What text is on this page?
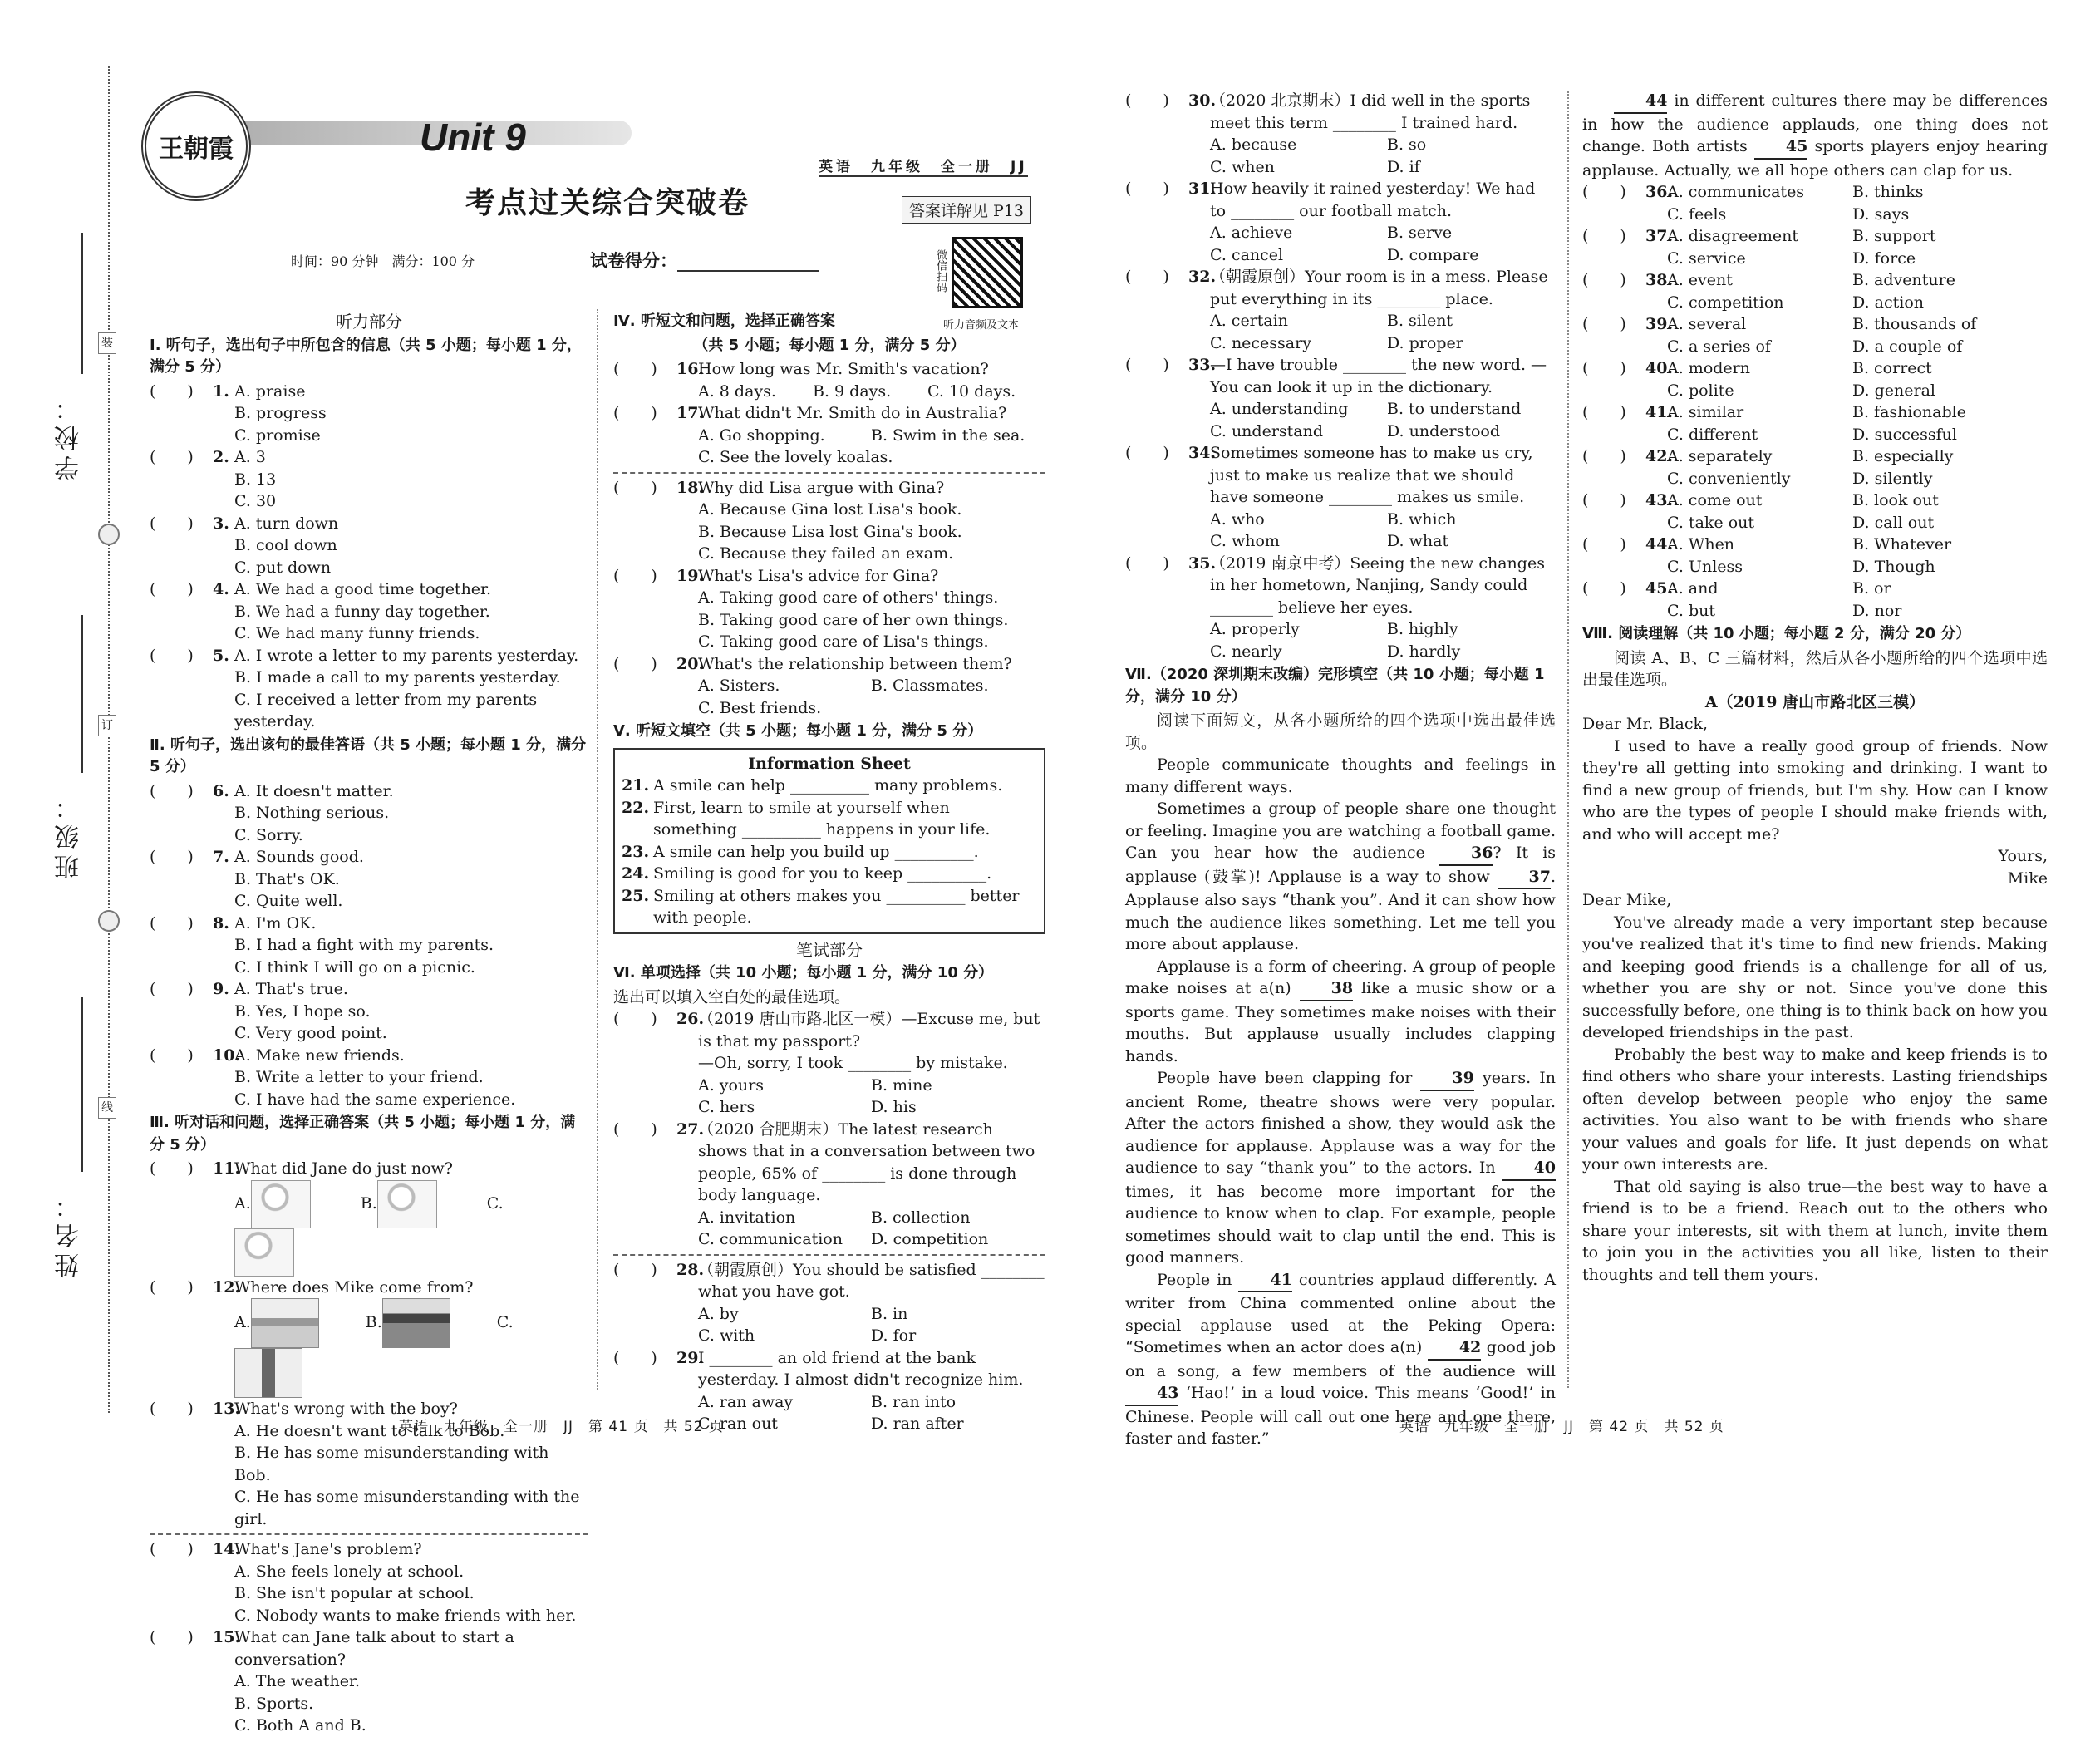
学校：
班级：
姓名：
装
订
线
王朝霞	Unit 9
英语　九年级　全一册　JJ
考点过关综合突破卷	答案详解见 P13
时间：90 分钟　满分：100 分	试卷得分：	微信扫码
听力音频及文本
听力部分
Ⅰ. 听句子，选出句子中所包含的信息（共 5 小题；每小题 1 分，满分 5 分）
(　　) 1. A. praise
B. progress
C. promise
(　　) 2. A. 3
B. 13
C. 30
(　　) 3. A. turn down
B. cool down
C. put down
(　　) 4. A. We had a good time together.
B. We had a funny day together.
C. We had many funny friends.
(　　) 5. A. I wrote a letter to my parents yesterday.
B. I made a call to my parents yesterday.
C. I received a letter from my parents yesterday.
Ⅱ. 听句子，选出该句的最佳答语（共 5 小题；每小题 1 分，满分 5 分）
(　　) 6. A. It doesn't matter.
B. Nothing serious.
C. Sorry.
(　　) 7. A. Sounds good.
B. That's OK.
C. Quite well.
(　　) 8. A. I'm OK.
B. I had a fight with my parents.
C. I think I will go on a picnic.
(　　) 9. A. That's true.
B. Yes, I hope so.
C. Very good point.
(　　) 10.
A. Make new friends.
B. Write a letter to your friend.
C. I have had the same experience.
Ⅲ. 听对话和问题，选择正确答案（共 5 小题；每小题 1 分，满分 5 分）
(　　) 11.
What did Jane do just now?
A.	B.	C.
(　　) 12.
Where does Mike come from?
A.	B.	C.
(　　) 13.
What's wrong with the boy?
A. He doesn't want to talk to Bob.
B. He has some misunderstanding with Bob.
C. He has some misunderstanding with the girl.
(　　) 14.
What's Jane's problem?
A. She feels lonely at school.
B. She isn't popular at school.
C. Nobody wants to make friends with her.
(　　) 15.
What can Jane talk about to start a conversation?
A. The weather.
B. Sports.
C. Both A and B.
Ⅳ. 听短文和问题，选择正确答案
（共 5 小题；每小题 1 分，满分 5 分）
(　　) 16.
How long was Mr. Smith's vacation?
A. 8 days.	B. 9 days.	C. 10 days.
(　　) 17.
What didn't Mr. Smith do in Australia?
A. Go shopping.	B. Swim in the sea.
C. See the lovely koalas.
(　　) 18.
Why did Lisa argue with Gina?
A. Because Gina lost Lisa's book.
B. Because Lisa lost Gina's book.
C. Because they failed an exam.
(　　) 19.
What's Lisa's advice for Gina?
A. Taking good care of others' things.
B. Taking good care of her own things.
C. Taking good care of Lisa's things.
(　　) 20.
What's the relationship between them?
A. Sisters.	B. Classmates.
C. Best friends.
Ⅴ. 听短文填空（共 5 小题；每小题 1 分，满分 5 分）
Information Sheet
21. A smile can help __________ many problems.
22. First, learn to smile at yourself when something __________ happens in your life.
23. A smile can help you build up __________.
24. Smiling is good for you to keep __________.
25. Smiling at others makes you __________ better with people.
笔试部分
Ⅵ. 单项选择（共 10 小题；每小题 1 分，满分 10 分）
选出可以填入空白处的最佳选项。
(　　) 26.
（2019 唐山市路北区一模）—Excuse me, but is that my passport?
—Oh, sorry, I took ________ by mistake.
A. yours	B. mine
C. hers	D. his
(　　) 27.
（2020 合肥期末）The latest research shows that in a conversation between two people, 65% of ________ is done through body language.
A. invitation	B. collection
C. communication	D. competition
(　　) 28.
（朝霞原创）You should be satisfied ________ what you have got.
A. by	B. in
C. with	D. for
(　　) 29.
I ________ an old friend at the bank yesterday. I almost didn't recognize him.
A. ran away	B. ran into
C. ran out	D. ran after
英语　九年级　全一册　JJ　第 41 页　共 52 页
(　　) 30.
（2020 北京期末）I did well in the sports meet this term ________ I trained hard.
A. because	B. so
C. when	D. if
(　　) 31.
How heavily it rained yesterday! We had to ________ our football match.
A. achieve	B. serve
C. cancel	D. compare
(　　) 32.
（朝霞原创）Your room is in a mess. Please put everything in its ________ place.
A. certain	B. silent
C. necessary	D. proper
(　　) 33.
—I have trouble ________ the new word. —You can look it up in the dictionary.
A. understanding	B. to understand
C. understand	D. understood
(　　) 34.
Sometimes someone has to make us cry, just to make us realize that we should have someone ________ makes us smile.
A. who	B. which
C. whom	D. what
(　　) 35.
（2019 南京中考）Seeing the new changes in her hometown, Nanjing, Sandy could ________ believe her eyes.
A. properly	B. highly
C. nearly	D. hardly
Ⅶ.（2020 深圳期末改编）完形填空（共 10 小题；每小题 1 分，满分 10 分）
阅读下面短文，从各小题所给的四个选项中选出最佳选项。
People communicate thoughts and feelings in many different ways.
Sometimes a group of people share one thought or feeling. Imagine you are watching a football game. Can you hear how the audience	36? It is applause (鼓掌)! Applause is a way to show 37. Applause also says “thank you”. And it can show how much the audience likes something. Let me tell you more about applause.
Applause is a form of cheering. A group of people make noises at a(n)	38 like a music show or a sports game. They sometimes make noises with their mouths. But applause usually includes clapping hands.
People have been clapping for	39 years. In ancient Rome, theatre shows were very popular. After the actors finished a show, they would ask the audience for applause. Applause was a way for the audience to say “thank you” to the actors. In 40 times, it has become more important for the audience to know when to clap. For example, people sometimes should wait to clap until the end. This is good manners.
People in 41 countries applaud differently. A writer from China commented online about the special applause used at the Peking Opera: “Sometimes when an actor does a(n) 42 good job on a song, a few members of the audience will 43 ‘Hao!’ in a loud voice. This means ‘Good!’ in Chinese. People will call out one here and one there, faster and faster.”
44 in different cultures there may be differences in how the audience applauds, one thing does not change. Both artists 45 sports players enjoy hearing applause. Actually, we all hope others can clap for us.
(　　) 36.
A. communicates	B. thinks
C. feels	D. says
(　　) 37.
A. disagreement	B. support
C. service	D. force
(　　) 38.
A. event	B. adventure
C. competition	D. action
(　　) 39.
A. several	B. thousands of
C. a series of	D. a couple of
(　　) 40.
A. modern	B. correct
C. polite	D. general
(　　) 41.
A. similar	B. fashionable
C. different	D. successful
(　　) 42.
A. separately	B. especially
C. conveniently	D. silently
(　　) 43.
A. come out	B. look out
C. take out	D. call out
(　　) 44.
A. When	B. Whatever
C. Unless	D. Though
(　　) 45.
A. and	B. or
C. but	D. nor
Ⅷ. 阅读理解（共 10 小题；每小题 2 分，满分 20 分）
阅读 A、B、C 三篇材料，然后从各小题所给的四个选项中选出最佳选项。
A（2019 唐山市路北区三模）
Dear Mr. Black,
I used to have a really good group of friends. Now they're all getting into smoking and drinking. I want to find a new group of friends, but I'm shy. How can I know who are the types of people I should make friends with, and who will accept me?
Yours,
Mike
Dear Mike,
You've already made a very important step because you've realized that it's time to find new friends. Making and keeping good friends is a challenge for all of us, whether you are shy or not. Since you've done this successfully before, one thing is to think back on how you developed friendships in the past.
Probably the best way to make and keep friends is to find others who share your interests. Lasting friendships often develop between people who enjoy the same activities. You also want to be with friends who share your values and goals for life. It just depends on what your own interests are.
That old saying is also true—the best way to have a friend is to be a friend. Reach out to the others who share your interests, sit with them at lunch, invite them to join you in the activities you all like, listen to their thoughts and tell them yours.
英语　九年级　全一册　JJ　第 42 页　共 52 页
